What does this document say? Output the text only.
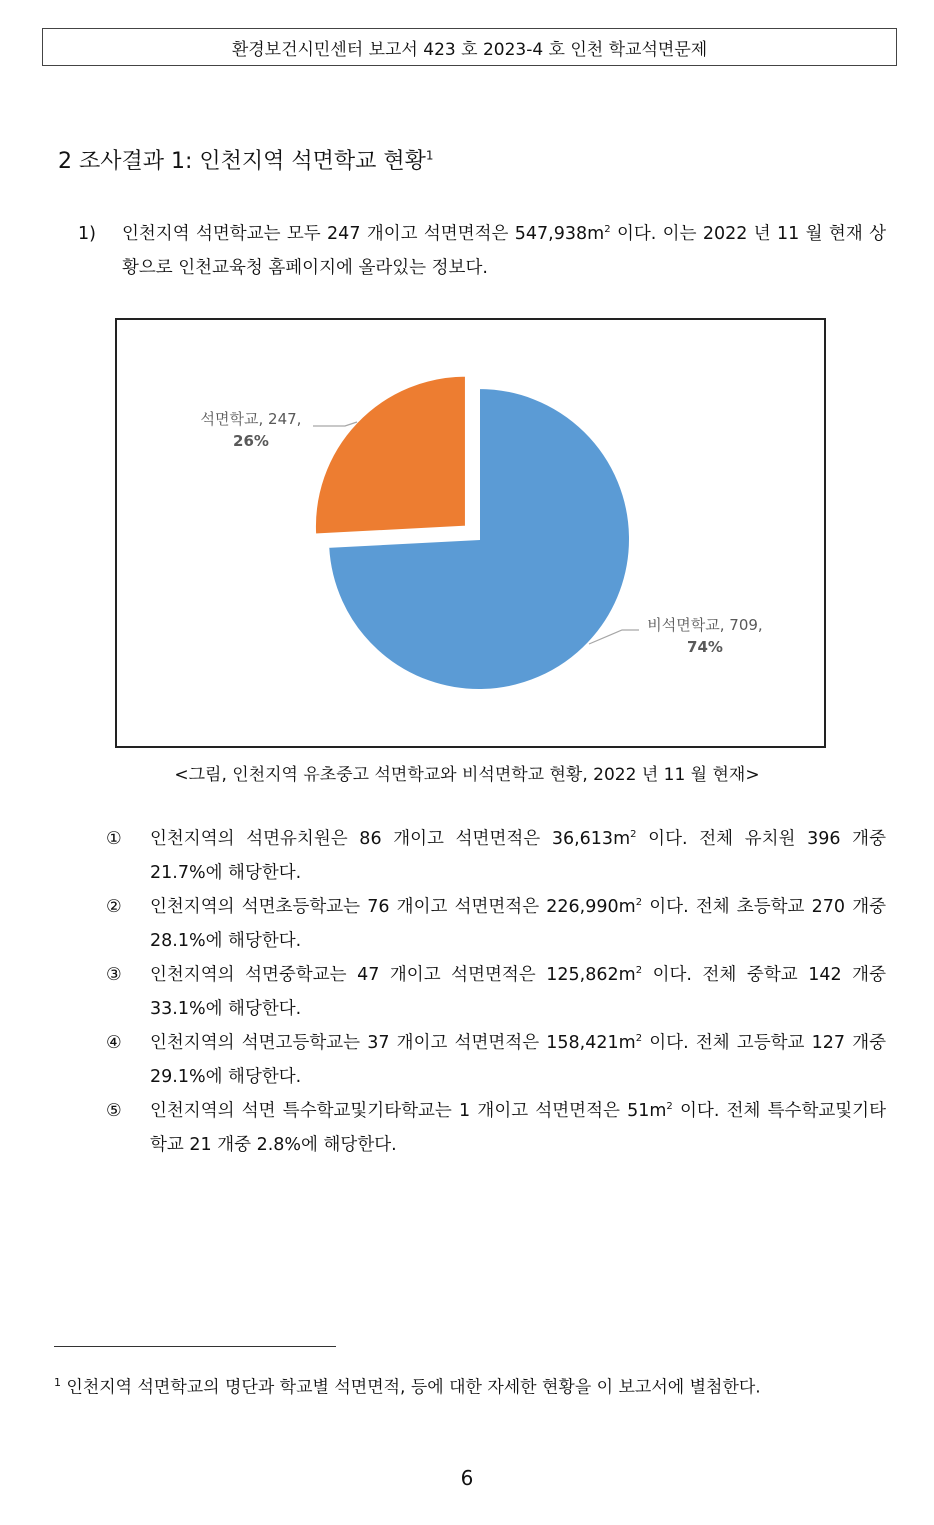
환경보건시민센터 보고서 423 호 2023-4 호 인천 학교석면문제
2 조사결과 1: 인천지역 석면학교 현황$^1$
1) 인천지역 석면학교는 모두 247 개이고 석면면적은 $547,938m^2$ 이다. 이는 2022 년 11 월 현재 상황으로 인천교육청 홈페이지에 올라있는 정보다.
석면학교, 247,
26%
비석면학교, 709,
74%
<그림, 인천지역 유초중고 석면학교와 비석면학교 현황, 2022 년 11 월 현재>
①	인천지역의 석면유치원은 86 개이고 석면면적은 $36,613m^2$ 이다. 전체 유치원 396 개중 21.7%에 해당한다.
②	인천지역의 석면초등학교는 76 개이고 석면면적은 $226,990m^2$ 이다. 전체 초등학교 270 개중 28.1%에 해당한다.
③	인천지역의 석면중학교는 47 개이고 석면면적은 $125,862m^2$ 이다. 전체 중학교 142 개중 33.1%에 해당한다.
④	인천지역의 석면고등학교는 37 개이고 석면면적은 $158,421m^2$ 이다. 전체 고등학교 127 개중 29.1%에 해당한다.
⑤	인천지역의 석면 특수학교및기타학교는 1 개이고 석면면적은 $51m^2$ 이다. 전체 특수학교및기타학교 21 개중 2.8%에 해당한다.
$^1$ 인천지역 석면학교의 명단과 학교별 석면면적, 등에 대한 자세한 현황을 이 보고서에 별첨한다.
6
